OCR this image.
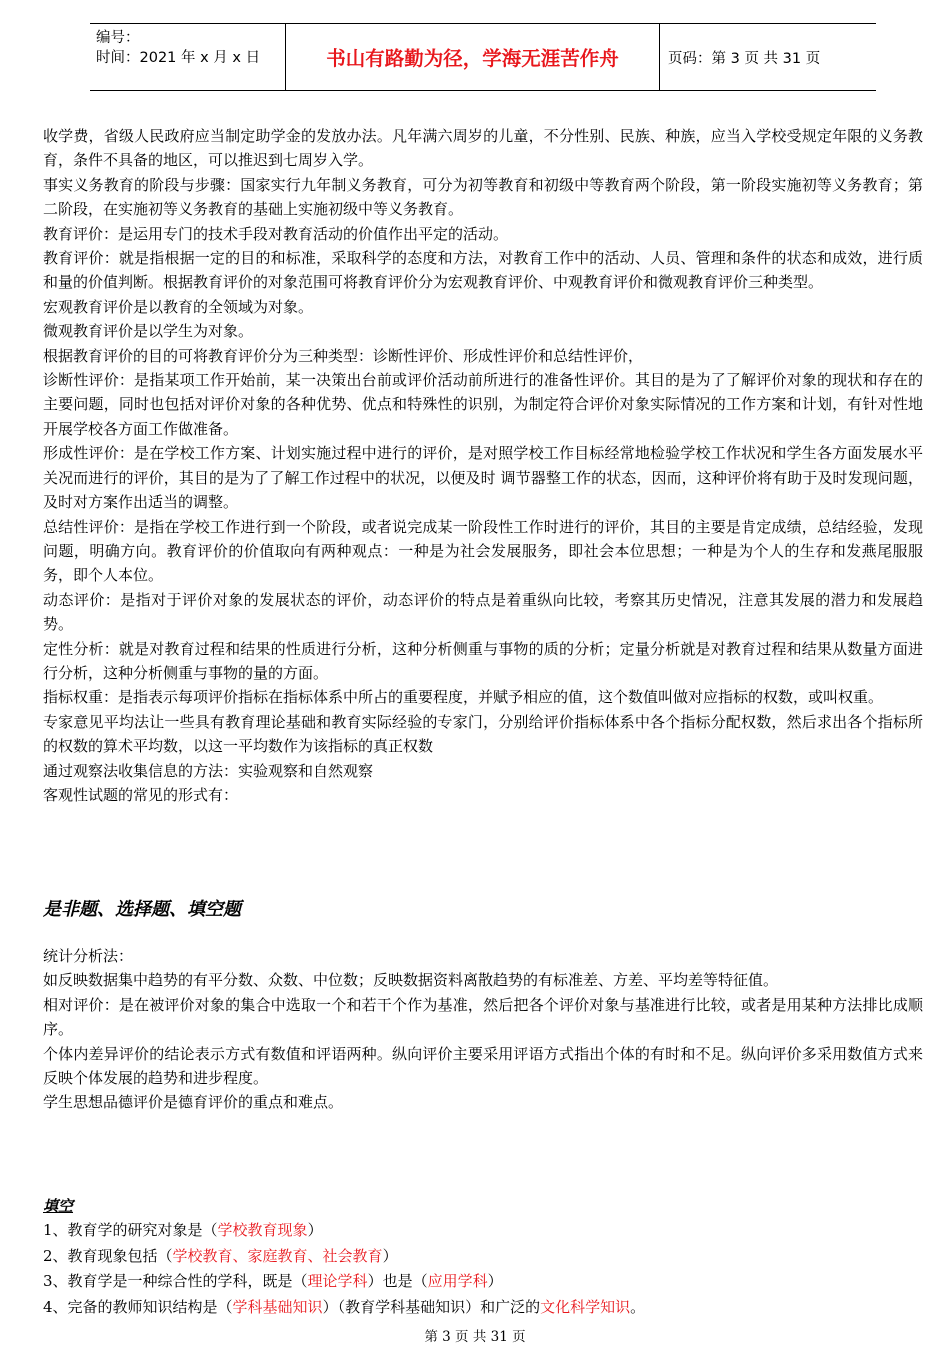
编号：
时间：2021 年 x 月 x 日	书山有路勤为径，学海无涯苦作舟	页码：第 3 页 共 31 页

收学费，省级人民政府应当制定助学金的发放办法。凡年满六周岁的儿童，不分性别、民族、种族，应当入学校受规定年限的义务教育，条件不具备的地区，可以推迟到七周岁入学。

事实义务教育的阶段与步骤：国家实行九年制义务教育，可分为初等教育和初级中等教育两个阶段，第一阶段实施初等义务教育；第二阶段，在实施初等义务教育的基础上实施初级中等义务教育。

教育评价：是运用专门的技术手段对教育活动的价值作出平定的活动。

教育评价：就是指根据一定的目的和标准，采取科学的态度和方法，对教育工作中的活动、人员、管理和条件的状态和成效，进行质和量的价值判断。根据教育评价的对象范围可将教育评价分为宏观教育评价、中观教育评价和微观教育评价三种类型。

宏观教育评价是以教育的全领域为对象。

微观教育评价是以学生为对象。

根据教育评价的目的可将教育评价分为三种类型：诊断性评价、形成性评价和总结性评价，

诊断性评价：是指某项工作开始前，某一决策出台前或评价活动前所进行的准备性评价。其目的是为了了解评价对象的现状和存在的主要问题，同时也包括对评价对象的各种优势、优点和特殊性的识别，为制定符合评价对象实际情况的工作方案和计划，有针对性地开展学校各方面工作做准备。

形成性评价：是在学校工作方案、计划实施过程中进行的评价，是对照学校工作目标经常地检验学校工作状况和学生各方面发展水平关况而进行的评价，其目的是为了了解工作过程中的状况，以便及时 调节器整工作的状态，因而，这种评价将有助于及时发现问题，及时对方案作出适当的调整。

总结性评价：是指在学校工作进行到一个阶段，或者说完成某一阶段性工作时进行的评价，其目的主要是肯定成绩，总结经验，发现问题，明确方向。教育评价的价值取向有两种观点：一种是为社会发展服务，即社会本位思想；一种是为个人的生存和发燕尾服服务，即个人本位。

动态评价：是指对于评价对象的发展状态的评价，动态评价的特点是着重纵向比较，考察其历史情况，注意其发展的潜力和发展趋势。

定性分析：就是对教育过程和结果的性质进行分析，这种分析侧重与事物的质的分析；定量分析就是对教育过程和结果从数量方面进行分析，这种分析侧重与事物的量的方面。

指标权重：是指表示每项评价指标在指标体系中所占的重要程度，并赋予相应的值，这个数值叫做对应指标的权数，或叫权重。

专家意见平均法让一些具有教育理论基础和教育实际经验的专家门，分别给评价指标体系中各个指标分配权数，然后求出各个指标所的权数的算术平均数，以这一平均数作为该指标的真正权数

通过观察法收集信息的方法：实验观察和自然观察

客观性试题的常见的形式有：

是非题、选择题、填空题

统计分析法：

如反映数据集中趋势的有平分数、众数、中位数；反映数据资料离散趋势的有标准差、方差、平均差等特征值。

相对评价：是在被评价对象的集合中选取一个和若干个作为基准，然后把各个评价对象与基准进行比较，或者是用某种方法排比成顺序。

个体内差异评价的结论表示方式有数值和评语两种。纵向评价主要采用评语方式指出个体的有时和不足。纵向评价多采用数值方式来反映个体发展的趋势和进步程度。

学生思想品德评价是德育评价的重点和难点。

填空

1、教育学的研究对象是（学校教育现象）

2、教育现象包括（学校教育、家庭教育、社会教育）

3、教育学是一种综合性的学科，既是（理论学科）也是（应用学科）

4、完备的教师知识结构是（学科基础知识）（教育学科基础知识）和广泛的文化科学知识。

第 3 页 共 31 页
